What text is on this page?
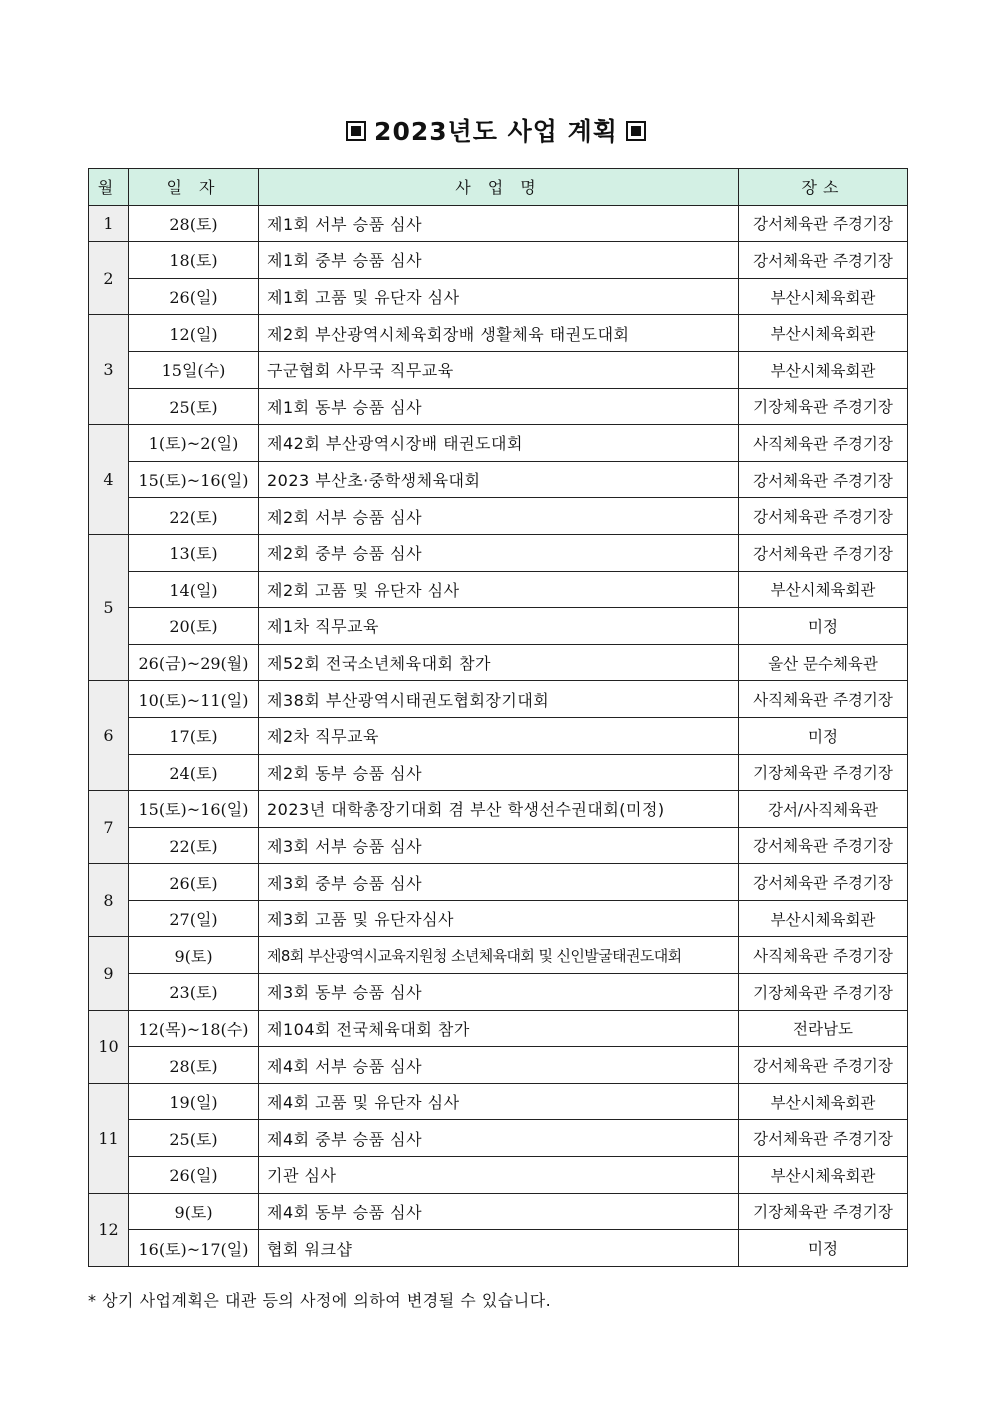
2023년도 사업 계획
월	일 자	사 업 명	장소
1	28(토)	제1회 서부 승품 심사	강서체육관 주경기장
2	18(토)	제1회 중부 승품 심사	강서체육관 주경기장
	26(일)	제1회 고품 및 유단자 심사	부산시체육회관
3	12(일)	제2회 부산광역시체육회장배 생활체육 태권도대회	부산시체육회관
	15일(수)	구군협회 사무국 직무교육	부산시체육회관
	25(토)	제1회 동부 승품 심사	기장체육관 주경기장
4	1(토)~2(일)	제42회 부산광역시장배 태권도대회	사직체육관 주경기장
	15(토)~16(일)	2023 부산초·중학생체육대회	강서체육관 주경기장
	22(토)	제2회 서부 승품 심사	강서체육관 주경기장
5	13(토)	제2회 중부 승품 심사	강서체육관 주경기장
	14(일)	제2회 고품 및 유단자 심사	부산시체육회관
	20(토)	제1차 직무교육	미정
	26(금)~29(월)	제52회 전국소년체육대회 참가	울산 문수체육관
6	10(토)~11(일)	제38회 부산광역시태권도협회장기대회	사직체육관 주경기장
	17(토)	제2차 직무교육	미정
	24(토)	제2회 동부 승품 심사	기장체육관 주경기장
7	15(토)~16(일)	2023년 대학총장기대회 겸 부산 학생선수권대회(미정)	강서/사직체육관
	22(토)	제3회 서부 승품 심사	강서체육관 주경기장
8	26(토)	제3회 중부 승품 심사	강서체육관 주경기장
	27(일)	제3회 고품 및 유단자심사	부산시체육회관
9	9(토)	제8회 부산광역시교육지원청 소년체육대회 및 신인발굴태권도대회	사직체육관 주경기장
	23(토)	제3회 동부 승품 심사	기장체육관 주경기장
10	12(목)~18(수)	제104회 전국체육대회 참가	전라남도
	28(토)	제4회 서부 승품 심사	강서체육관 주경기장
11	19(일)	제4회 고품 및 유단자 심사	부산시체육회관
	25(토)	제4회 중부 승품 심사	강서체육관 주경기장
	26(일)	기관 심사	부산시체육회관
12	9(토)	제4회 동부 승품 심사	기장체육관 주경기장
	16(토)~17(일)	협회 워크샵	미정
* 상기 사업계획은 대관 등의 사정에 의하여 변경될 수 있습니다.
